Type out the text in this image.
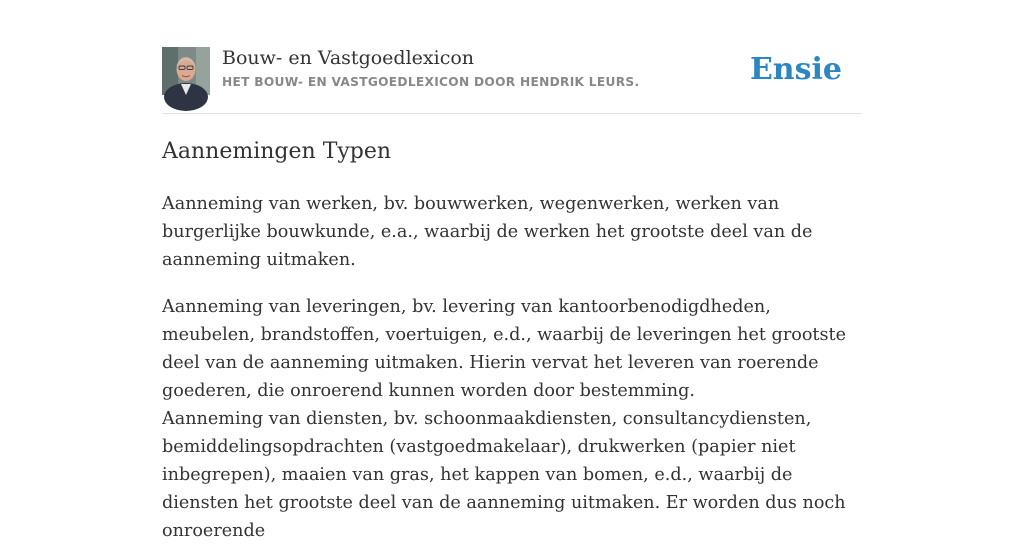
Bouw- en Vastgoedlexicon
HET BOUW- EN VASTGOEDLEXICON DOOR HENDRIK LEURS.	Ensie
Aannemingen Typen

Aanneming van werken, bv. bouwwerken, wegenwerken, werken van burgerlijke bouwkunde, e.a., waarbij de werken het grootste deel van de aanneming uitmaken.

Aanneming van leveringen, bv. levering van kantoorbenodigdheden, meubelen, brandstoffen, voertuigen, e.d., waarbij de leveringen het grootste deel van de aanneming uitmaken. Hierin vervat het leveren van roerende goederen, die onroerend kunnen worden door bestemming.

Aanneming van diensten, bv. schoonmaakdiensten, consultancydiensten, bemiddelingsopdrachten (vastgoedmakelaar), drukwerken (papier niet inbegrepen), maaien van gras, het kappen van bomen, e.d., waarbij de diensten het grootste deel van de aanneming uitmaken. Er worden dus noch onroerende
